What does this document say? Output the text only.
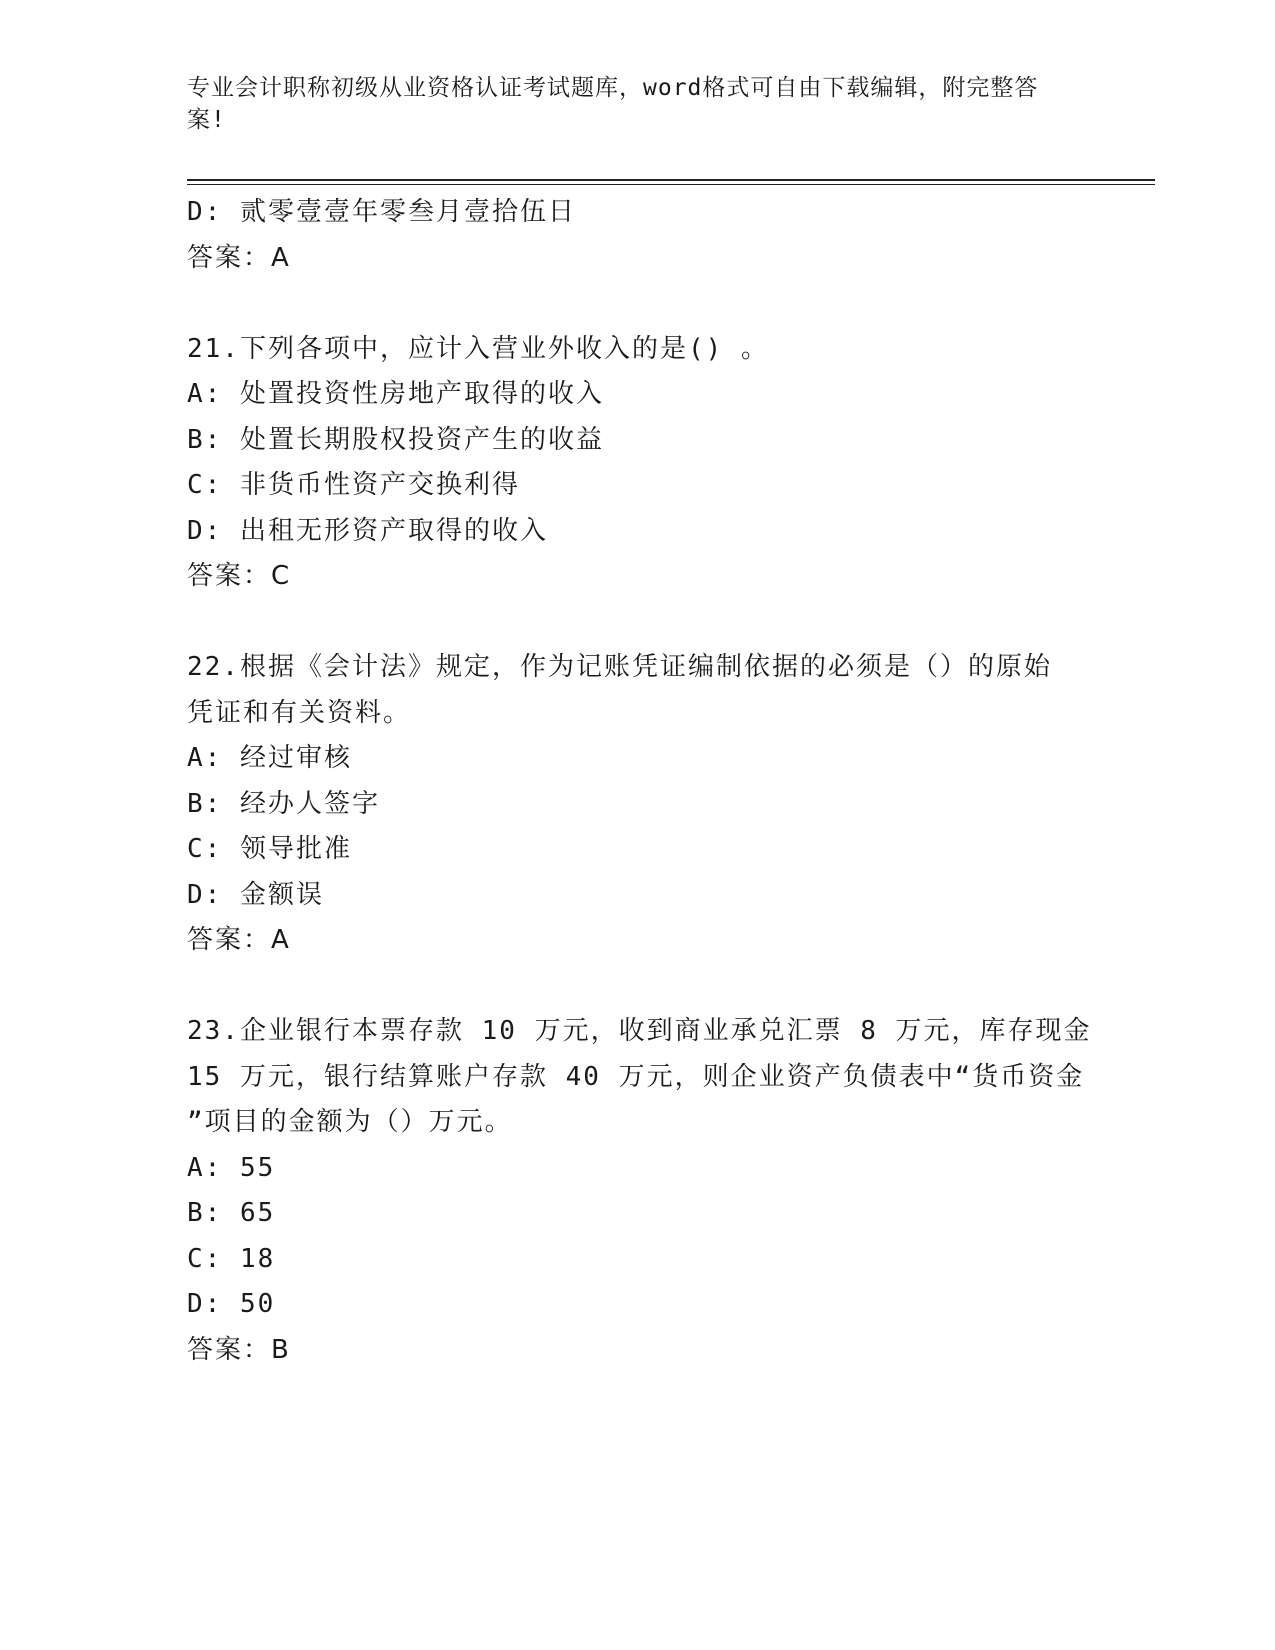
专业会计职称初级从业资格认证考试题库，word格式可自由下载编辑，附完整答
案!
D: 贰零壹壹年零叁月壹拾伍日
答案：A
21.下列各项中，应计入营业外收入的是() 。
A: 处置投资性房地产取得的收入
B: 处置长期股权投资产生的收益
C: 非货币性资产交换利得
D: 出租无形资产取得的收入
答案：C
22.根据《会计法》规定，作为记账凭证编制依据的必须是（）的原始
凭证和有关资料。
A: 经过审核
B: 经办人签字
C: 领导批准
D: 金额误
答案：A
23.企业银行本票存款 10 万元，收到商业承兑汇票 8 万元，库存现金
15 万元，银行结算账户存款 40 万元，则企业资产负债表中“货币资金
”项目的金额为（）万元。
A: 55
B: 65
C: 18
D: 50
答案：B
